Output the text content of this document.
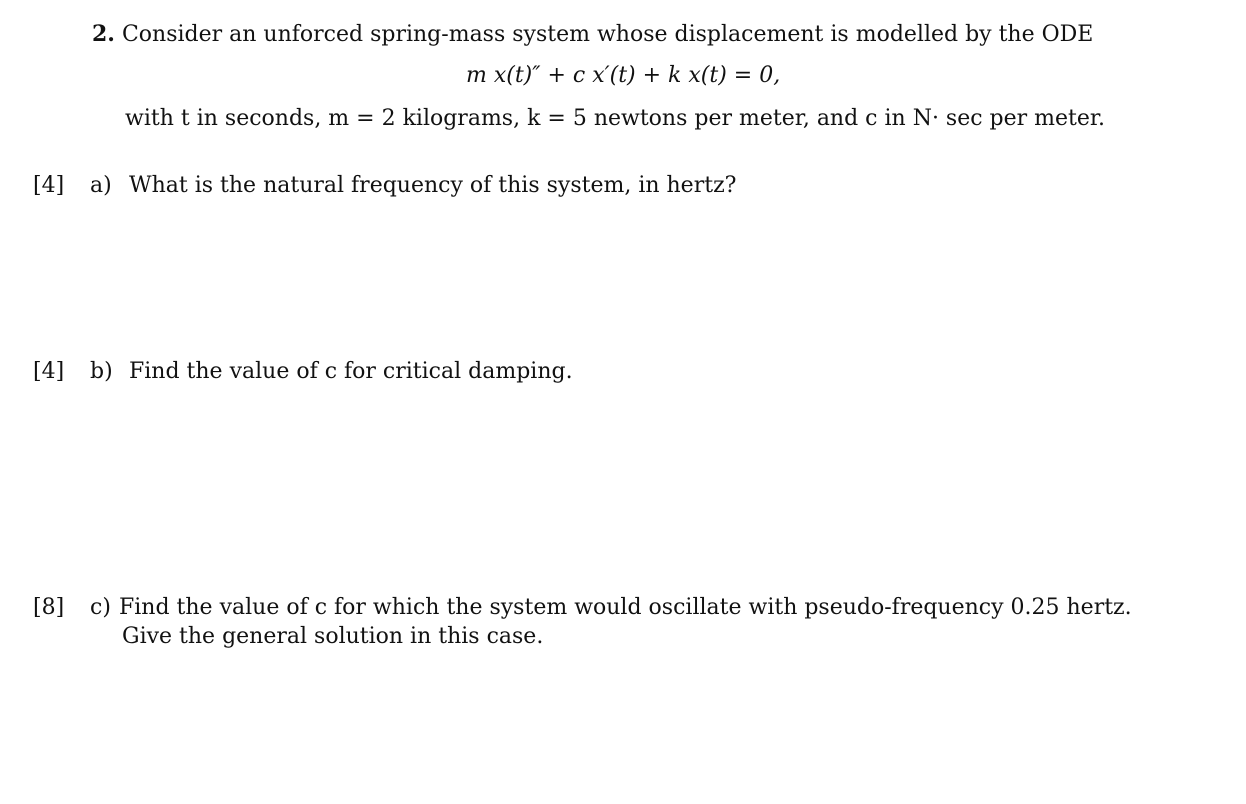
2. Consider an unforced spring-mass system whose displacement is modelled by the ODE
m x(t)″ + c x′(t) + k x(t) = 0,
with t in seconds, m = 2 kilograms, k = 5 newtons per meter, and c in N· sec per meter.
[4] a) What is the natural frequency of this system, in hertz?
[4] b) Find the value of c for critical damping.
[8] c) Find the value of c for which the system would oscillate with pseudo-frequency 0.25 hertz.
Give the general solution in this case.
